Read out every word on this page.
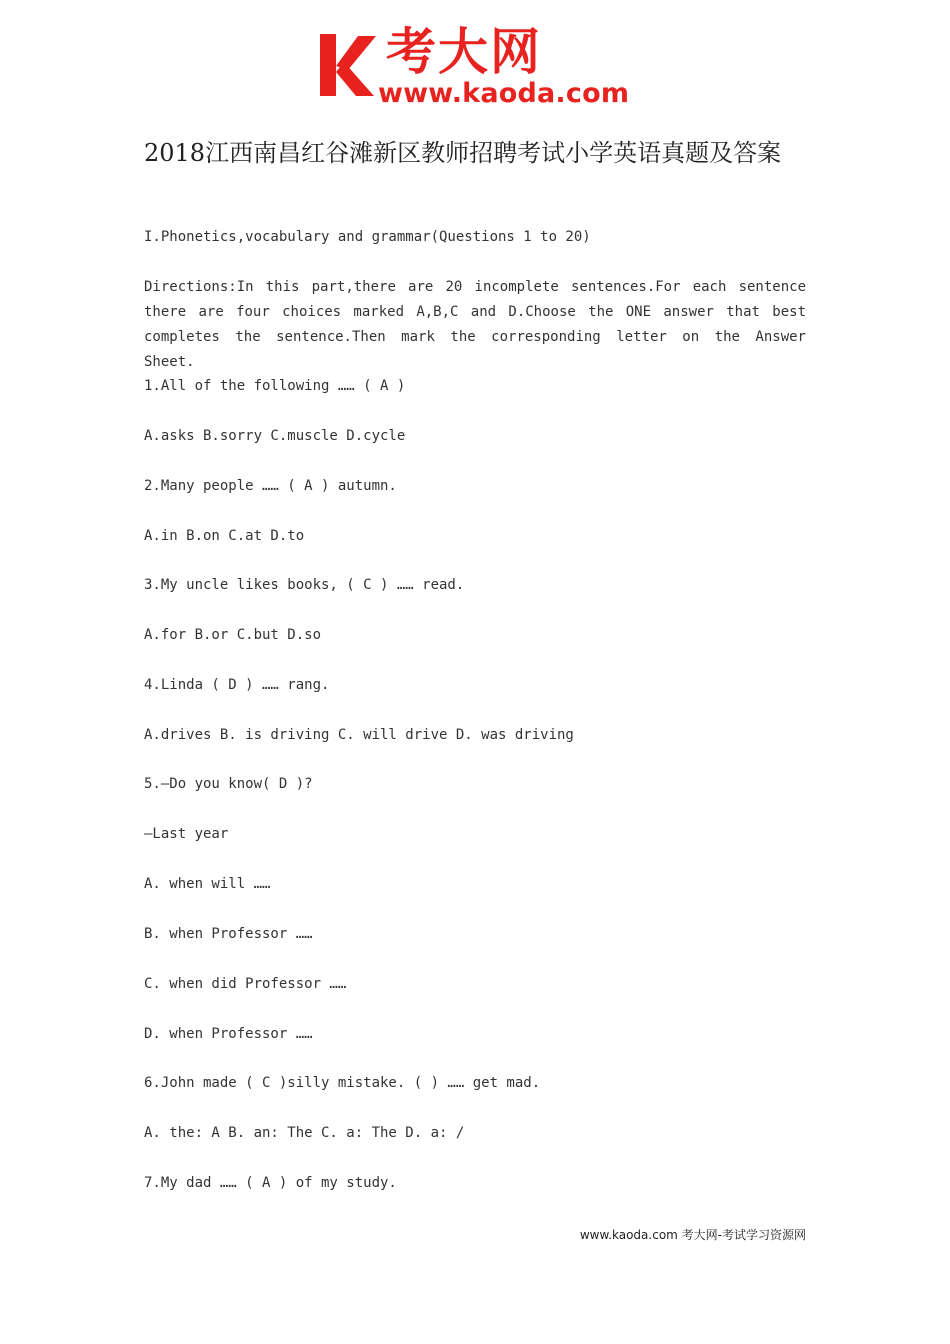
考大网
www.kaoda.com
2018江西南昌红谷滩新区教师招聘考试小学英语真题及答案
I.Phonetics,vocabulary and grammar(Questions 1 to 20)
Directions:In this part,there are 20 incomplete sentences.For each sentence there are four choices marked A,B,C and D.Choose the ONE answer that best completes the sentence.Then mark the corresponding letter on the Answer Sheet.
1.All of the following …… ( A )
A.asks B.sorry C.muscle D.cycle
2.Many people …… ( A ) autumn.
A.in B.on C.at D.to
3.My uncle likes books, ( C ) …… read.
A.for B.or C.but D.so
4.Linda ( D ) …… rang.
A.drives B. is driving C. will drive D. was driving
5.—Do you know( D )?
—Last year
A. when will ……
B. when Professor ……
C. when did Professor ……
D. when Professor ……
6.John made ( C )silly mistake. ( ) …… get mad.
A. the: A B. an: The C. a: The D. a: /
7.My dad …… ( A ) of my study.
www.kaoda.com 考大网-考试学习资源网
